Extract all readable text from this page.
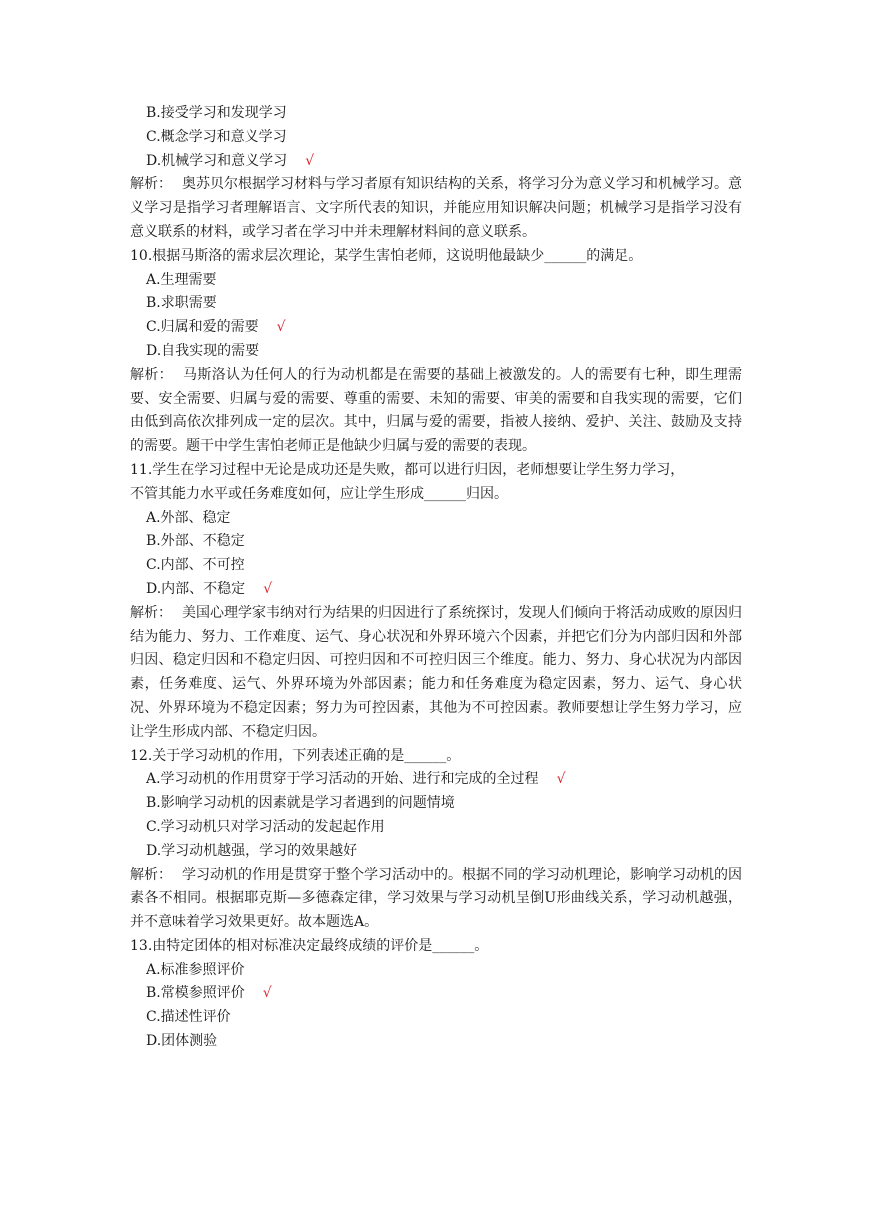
B.接受学习和发现学习
C.概念学习和意义学习
D.机械学习和意义学习 √
解析： 奥苏贝尔根据学习材料与学习者原有知识结构的关系，将学习分为意义学习和机械学习。意义学习是指学习者理解语言、文字所代表的知识，并能应用知识解决问题；机械学习是指学习没有意义联系的材料，或学习者在学习中并未理解材料间的意义联系。
10.根据马斯洛的需求层次理论，某学生害怕老师，这说明他最缺少______的满足。
A.生理需要
B.求职需要
C.归属和爱的需要 √
D.自我实现的需要
解析： 马斯洛认为任何人的行为动机都是在需要的基础上被激发的。人的需要有七种，即生理需要、安全需要、归属与爱的需要、尊重的需要、未知的需要、审美的需要和自我实现的需要，它们由低到高依次排列成一定的层次。其中，归属与爱的需要，指被人接纳、爱护、关注、鼓励及支持的需要。题干中学生害怕老师正是他缺少归属与爱的需要的表现。
11.学生在学习过程中无论是成功还是失败，都可以进行归因，老师想要让学生努力学习，
不管其能力水平或任务难度如何，应让学生形成______归因。
A.外部、稳定
B.外部、不稳定
C.内部、不可控
D.内部、不稳定 √
解析： 美国心理学家韦纳对行为结果的归因进行了系统探讨，发现人们倾向于将活动成败的原因归结为能力、努力、工作难度、运气、身心状况和外界环境六个因素，并把它们分为内部归因和外部归因、稳定归因和不稳定归因、可控归因和不可控归因三个维度。能力、努力、身心状况为内部因素，任务难度、运气、外界环境为外部因素；能力和任务难度为稳定因素，努力、运气、身心状况、外界环境为不稳定因素；努力为可控因素，其他为不可控因素。教师要想让学生努力学习，应让学生形成内部、不稳定归因。
12.关于学习动机的作用，下列表述正确的是______。
A.学习动机的作用贯穿于学习活动的开始、进行和完成的全过程 √
B.影响学习动机的因素就是学习者遇到的问题情境
C.学习动机只对学习活动的发起起作用
D.学习动机越强，学习的效果越好
解析： 学习动机的作用是贯穿于整个学习活动中的。根据不同的学习动机理论，影响学习动机的因素各不相同。根据耶克斯—多德森定律，学习效果与学习动机呈倒U形曲线关系，学习动机越强，并不意味着学习效果更好。故本题选A。
13.由特定团体的相对标准决定最终成绩的评价是______。
A.标准参照评价
B.常模参照评价 √
C.描述性评价
D.团体测验
